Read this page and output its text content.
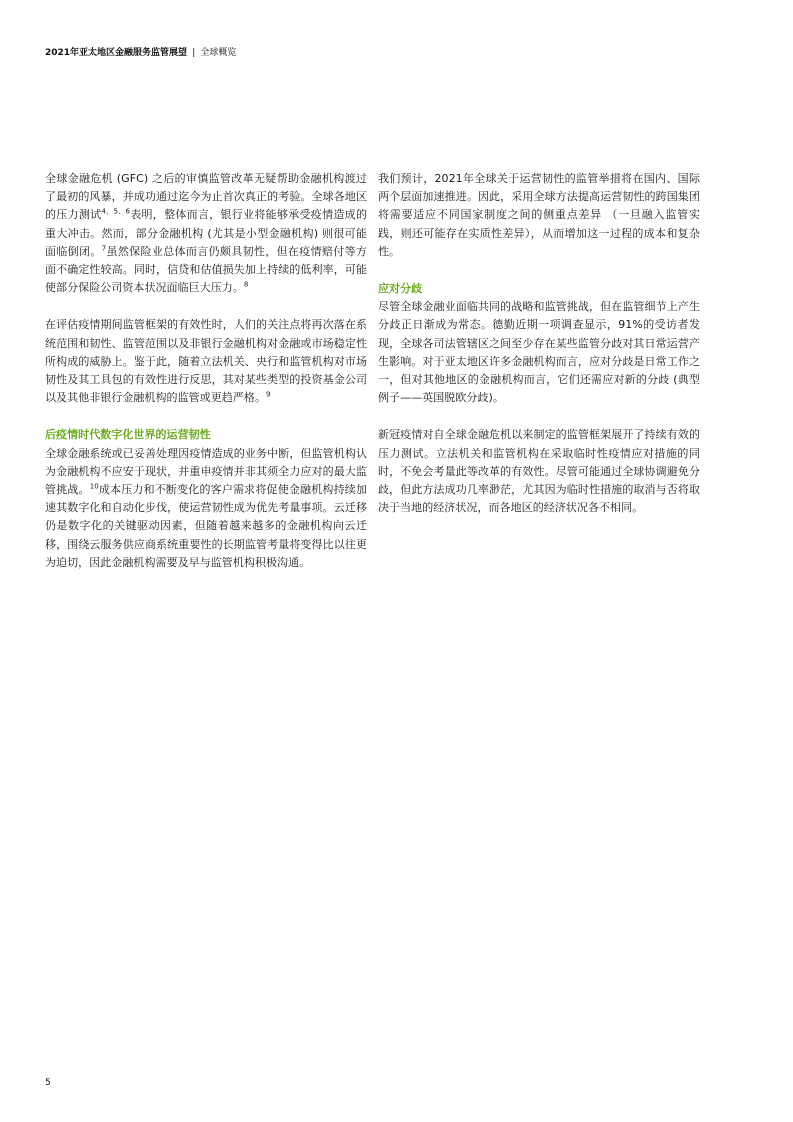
2021年亚太地区金融服务监管展望 | 全球概览

全球金融危机 (GFC) 之后的审慎监管改革无疑帮助金融机构渡过了最初的风暴，并成功通过迄今为止首次真正的考验。全球各地区的压力测试$^{4、5、6}$表明，整体而言，银行业将能够承受疫情造成的重大冲击。然而，部分金融机构 (尤其是小型金融机构) 则很可能面临倒闭。$^7$虽然保险业总体而言仍颇具韧性，但在疫情赔付等方面不确定性较高。同时，信贷和估值损失加上持续的低利率，可能使部分保险公司资本状况面临巨大压力。$^8$

在评估疫情期间监管框架的有效性时，人们的关注点将再次落在系统范围和韧性、监管范围以及非银行金融机构对金融或市场稳定性所构成的威胁上。鉴于此，随着立法机关、央行和监管机构对市场韧性及其工具包的有效性进行反思，其对某些类型的投资基金公司以及其他非银行金融机构的监管或更趋严格。$^9$

后疫情时代数字化世界的运营韧性

全球金融系统或已妥善处理因疫情造成的业务中断，但监管机构认为金融机构不应安于现状，并重申疫情并非其须全力应对的最大监管挑战。$^{10}$成本压力和不断变化的客户需求将促使金融机构持续加速其数字化和自动化步伐，使运营韧性成为优先考量事项。云迁移仍是数字化的关键驱动因素，但随着越来越多的金融机构向云迁移，围绕云服务供应商系统重要性的长期监管考量将变得比以往更为迫切，因此金融机构需要及早与监管机构积极沟通。

我们预计，2021年全球关于运营韧性的监管举措将在国内、国际两个层面加速推进。因此，采用全球方法提高运营韧性的跨国集团将需要适应不同国家制度之间的侧重点差异 （一旦融入监管实践，则还可能存在实质性差异），从而增加这一过程的成本和复杂性。

应对分歧

尽管全球金融业面临共同的战略和监管挑战，但在监管细节上产生分歧正日渐成为常态。德勤近期一项调查显示，91%的受访者发现，全球各司法管辖区之间至少存在某些监管分歧对其日常运营产生影响。对于亚太地区许多金融机构而言，应对分歧是日常工作之一，但对其他地区的金融机构而言，它们还需应对新的分歧 (典型例子——英国脱欧分歧)。

新冠疫情对自全球金融危机以来制定的监管框架展开了持续有效的压力测试。立法机关和监管机构在采取临时性疫情应对措施的同时，不免会考量此等改革的有效性。尽管可能通过全球协调避免分歧，但此方法成功几率渺茫，尤其因为临时性措施的取消与否将取决于当地的经济状况，而各地区的经济状况各不相同。

5
